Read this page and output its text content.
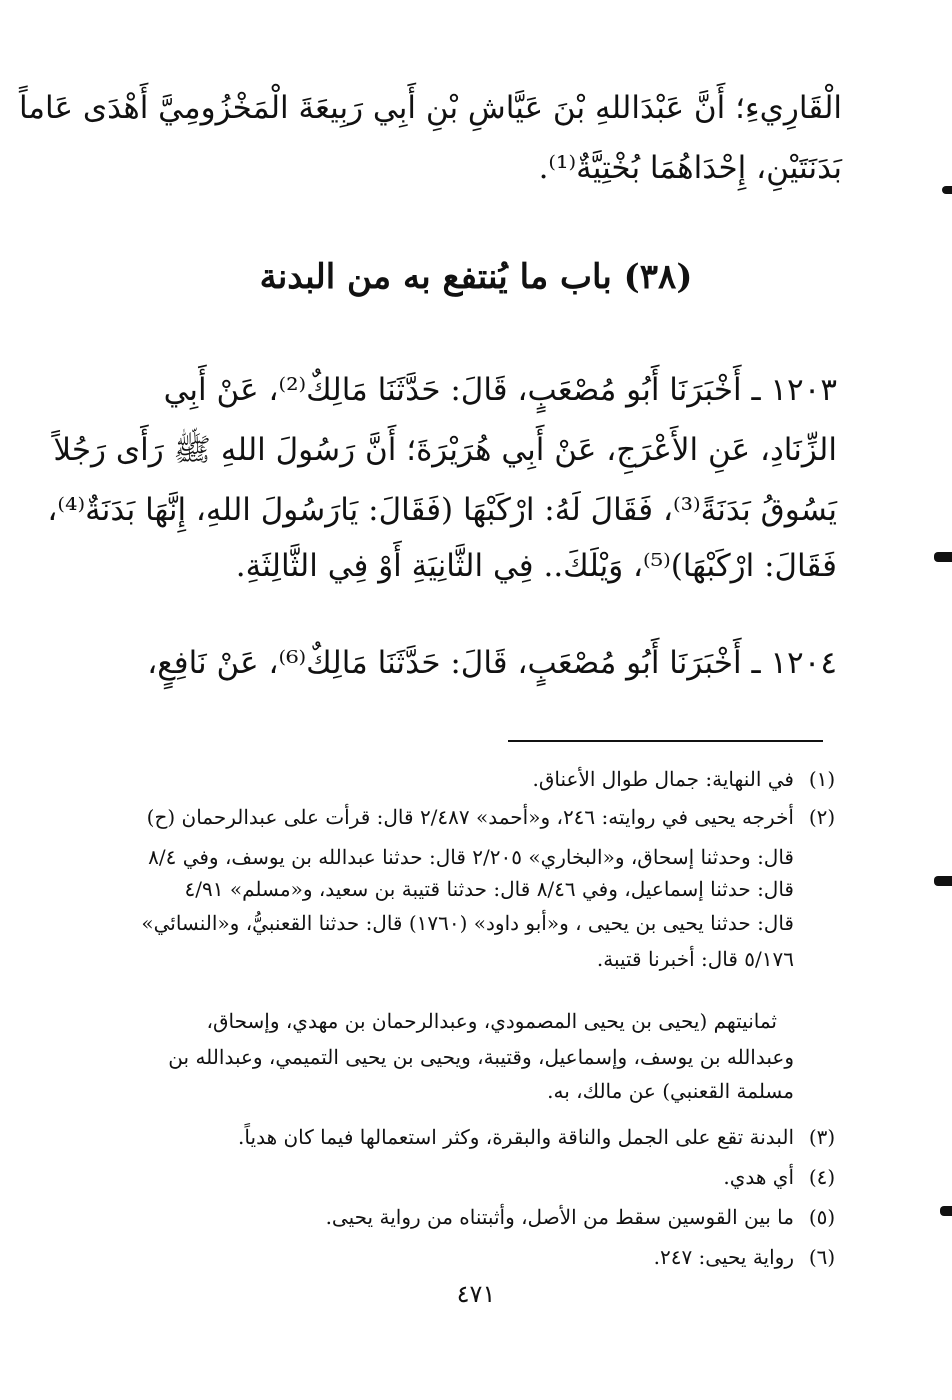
الْقَارِيءِ؛ أَنَّ عَبْدَاللهِ بْنَ عَيَّاشِ بْنِ أَبِي رَبِيعَةَ الْمَخْزُومِيَّ أَهْدَى عَاماً
بَدَنَتَيْنِ، إِحْدَاهُمَا بُخْتِيَّةٌ⁽¹⁾.
(٣٨) باب ما يُنتفع به من البدنة
١٢٠٣ ـ أَخْبَرَنَا أَبُو مُصْعَبٍ، قَالَ: حَدَّثَنَا مَالِكٌ⁽²⁾، عَنْ أَبِي
الزِّنَادِ، عَنِ الأَعْرَجِ، عَنْ أَبِي هُرَيْرَةَ؛ أَنَّ رَسُولَ اللهِ ﷺ رَأَى رَجُلاً
يَسُوقُ بَدَنَةً⁽³⁾، فَقَالَ لَهُ: ارْكَبْهَا (فَقَالَ: يَارَسُولَ اللهِ، إِنَّهَا بَدَنَةٌ⁽⁴⁾،
فَقَالَ: ارْكَبْهَا)⁽⁵⁾، وَيْلَكَ.. فِي الثَّانِيَةِ أَوْ فِي الثَّالِثَةِ.
١٢٠٤ ـ أَخْبَرَنَا أَبُو مُصْعَبٍ، قَالَ: حَدَّثَنَا مَالِكٌ⁽⁶⁾، عَنْ نَافِعٍ،
(١)
في النهاية: جمال طوال الأعناق.
(٢)
أخرجه يحيى في روايته: ٢٤٦، و«أحمد» ٢/٤٨٧ قال: قرأت على عبدالرحمان (ح)
قال: وحدثنا إسحاق، و«البخاري» ٢/٢٠٥ قال: حدثنا عبدالله بن يوسف، وفي ٨/٤
قال: حدثنا إسماعيل، وفي ٨/٤٦ قال: حدثنا قتيبة بن سعيد، و«مسلم» ٤/٩١
قال: حدثنا يحيى بن يحيى ، و«أبو داود» (١٧٦٠) قال: حدثنا القعنبيُّ، و«النسائي»
٥/١٧٦ قال: أخبرنا قتيبة.
ثمانيتهم (يحيى بن يحيى المصمودي، وعبدالرحمان بن مهدي، وإسحاق،
وعبدالله بن يوسف، وإسماعيل، وقتيبة، ويحيى بن يحيى التميمي، وعبدالله بن
مسلمة القعنبي) عن مالك، به.
(٣)
البدنة تقع على الجمل والناقة والبقرة، وكثر استعمالها فيما كان هدياً.
(٤)
أي هدي.
(٥)
ما بين القوسين سقط من الأصل، وأثبتناه من رواية يحيى.
(٦)
رواية يحيى: ٢٤٧.
٤٧١
